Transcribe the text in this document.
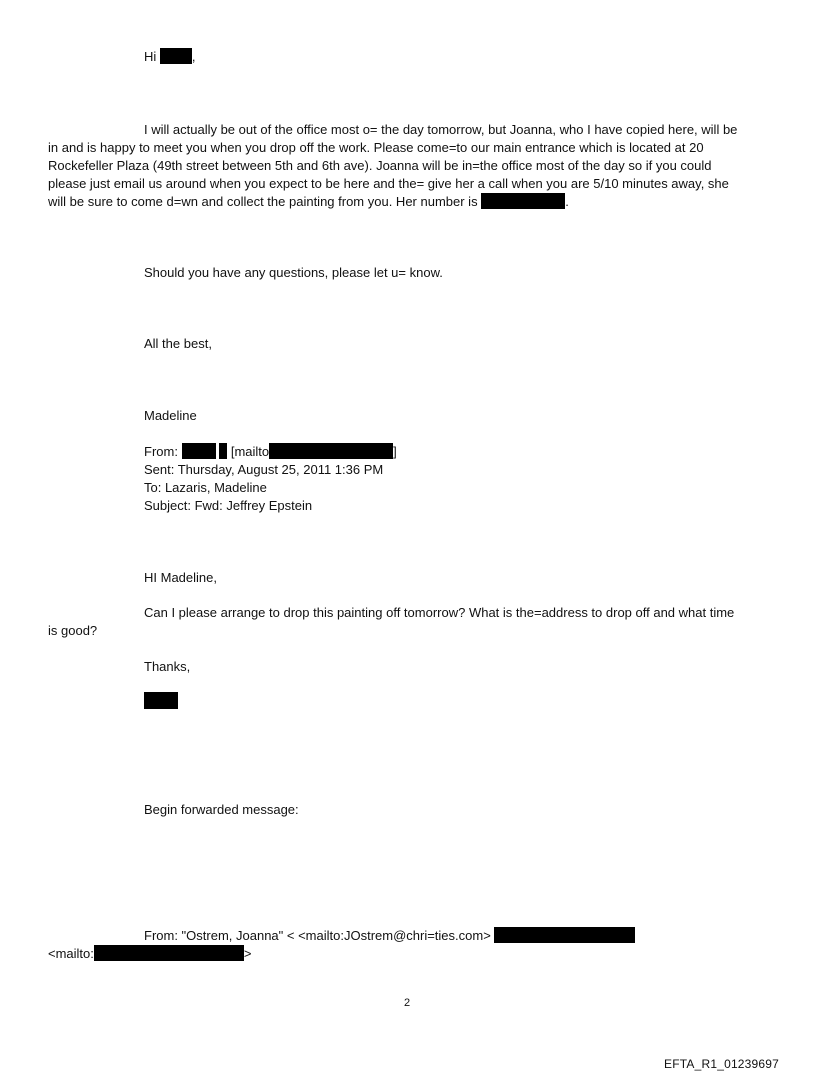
Hi	,
I will actually be out of the office most o= the day tomorrow, but Joanna, who I have copied here, will be
in and is happy to meet you when you drop off the work. Please come=to our main entrance which is located at 20
Rockefeller Plaza (49th street between 5th and 6th ave). Joanna will be in=the office most of the day so if you could
please just email us around when you expect to be here and the= give her a call when you are 5/10 minutes away, she
will be sure to come d=wn and collect the painting from you. Her number is	.
Should you have any questions, please let u= know.
All the best,
Madeline
From:	[mailto	]
Sent: Thursday, August 25, 2011 1:36 PM
To: Lazaris, Madeline
Subject: Fwd: Jeffrey Epstein
HI Madeline,
Can I please arrange to drop this painting off tomorrow? What is the=address to drop off and what time
is good?
Thanks,
Begin forwarded message:
From: "Ostrem, Joanna" < <mailto:JOstrem@chri=ties.com>
<mailto:	>
2
EFTA_R1_01239697
